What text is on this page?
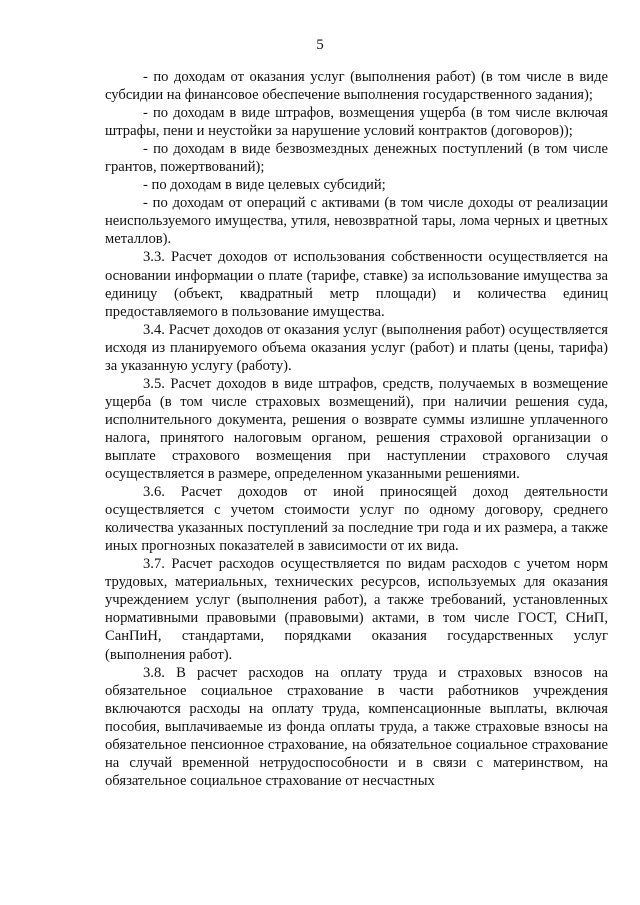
5

- по доходам от оказания услуг (выполнения работ) (в том числе в виде субсидии на финансовое обеспечение выполнения государственного задания);

- по доходам в виде штрафов, возмещения ущерба (в том числе включая штрафы, пени и неустойки за нарушение условий контрактов (договоров));

- по доходам в виде безвозмездных денежных поступлений (в том числе грантов, пожертвований);

- по доходам в виде целевых субсидий;

- по доходам от операций с активами (в том числе доходы от реализации неиспользуемого имущества, утиля, невозвратной тары, лома черных и цветных металлов).

3.3. Расчет доходов от использования собственности осуществляется на основании информации о плате (тарифе, ставке) за использование имущества за единицу (объект, квадратный метр площади) и количества единиц предоставляемого в пользование имущества.

3.4. Расчет доходов от оказания услуг (выполнения работ) осуществляется исходя из планируемого объема оказания услуг (работ) и платы (цены, тарифа) за указанную услугу (работу).

3.5. Расчет доходов в виде штрафов, средств, получаемых в возмещение ущерба (в том числе страховых возмещений), при наличии решения суда, исполнительного документа, решения о возврате суммы излишне уплаченного налога, принятого налоговым органом, решения страховой организации о выплате страхового возмещения при наступлении страхового случая осуществляется в размере, определенном указанными решениями.

3.6. Расчет доходов от иной приносящей доход деятельности осуществляется с учетом стоимости услуг по одному договору, среднего количества указанных поступлений за последние три года и их размера, а также иных прогнозных показателей в зависимости от их вида.

3.7. Расчет расходов осуществляется по видам расходов с учетом норм трудовых, материальных, технических ресурсов, используемых для оказания учреждением услуг (выполнения работ), а также требований, установленных нормативными правовыми (правовыми) актами, в том числе ГОСТ, СНиП, СанПиН, стандартами, порядками оказания государственных услуг (выполнения работ).

3.8. В расчет расходов на оплату труда и страховых взносов на обязательное социальное страхование в части работников учреждения включаются расходы на оплату труда, компенсационные выплаты, включая пособия, выплачиваемые из фонда оплаты труда, а также страховые взносы на обязательное пенсионное страхование, на обязательное социальное страхование на случай временной нетрудоспособности и в связи с материнством, на обязательное социальное страхование от несчастных
